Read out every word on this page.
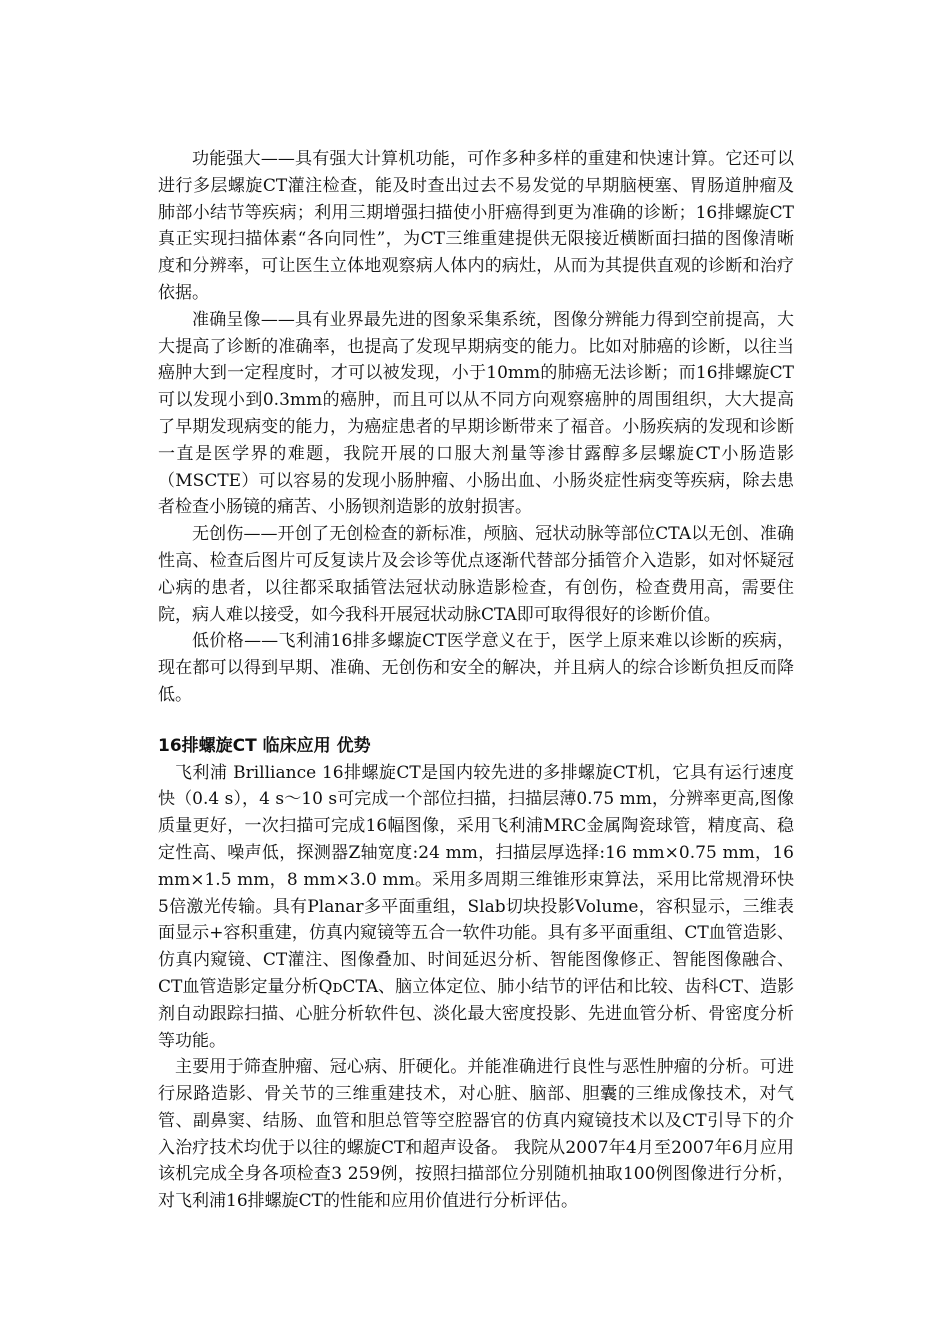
功能强大——具有强大计算机功能，可作多种多样的重建和快速计算。它还可以进行多层螺旋CT灌注检查，能及时查出过去不易发觉的早期脑梗塞、胃肠道肿瘤及肺部小结节等疾病；利用三期增强扫描使小肝癌得到更为准确的诊断；16排螺旋CT真正实现扫描体素“各向同性”，为CT三维重建提供无限接近横断面扫描的图像清晰度和分辨率，可让医生立体地观察病人体内的病灶，从而为其提供直观的诊断和治疗依据。

准确呈像——具有业界最先进的图象采集系统，图像分辨能力得到空前提高，大大提高了诊断的准确率，也提高了发现早期病变的能力。比如对肺癌的诊断，以往当癌肿大到一定程度时，才可以被发现，小于10mm的肺癌无法诊断；而16排螺旋CT可以发现小到0.3mm的癌肿，而且可以从不同方向观察癌肿的周围组织，大大提高了早期发现病变的能力，为癌症患者的早期诊断带来了福音。小肠疾病的发现和诊断一直是医学界的难题，我院开展的口服大剂量等渗甘露醇多层螺旋CT小肠造影（MSCTE）可以容易的发现小肠肿瘤、小肠出血、小肠炎症性病变等疾病，除去患者检查小肠镜的痛苦、小肠钡剂造影的放射损害。

无创伤——开创了无创检查的新标准，颅脑、冠状动脉等部位CTA以无创、准确性高、检查后图片可反复读片及会诊等优点逐渐代替部分插管介入造影，如对怀疑冠心病的患者，以往都采取插管法冠状动脉造影检查，有创伤，检查费用高，需要住院，病人难以接受，如今我科开展冠状动脉CTA即可取得很好的诊断价值。

低价格——飞利浦16排多螺旋CT医学意义在于，医学上原来难以诊断的疾病，现在都可以得到早期、准确、无创伤和安全的解决，并且病人的综合诊断负担反而降低。

16排螺旋CT 临床应用 优势

飞利浦 Brilliance 16排螺旋CT是国内较先进的多排螺旋CT机，它具有运行速度快（0.4 s），4 s～10 s可完成一个部位扫描，扫描层薄0.75 mm，分辨率更高,图像质量更好，一次扫描可完成16幅图像，采用飞利浦MRC金属陶瓷球管，精度高、稳定性高、噪声低，探测器Z轴宽度:24 mm，扫描层厚选择:16 mm×0.75 mm，16 mm×1.5 mm，8 mm×3.0 mm。采用多周期三维锥形束算法，采用比常规滑环快5倍激光传输。具有Planar多平面重组，Slab切块投影Volume，容积显示，三维表面显示+容积重建，仿真内窥镜等五合一软件功能。具有多平面重组、CT血管造影、仿真内窥镜、CT灌注、图像叠加、时间延迟分析、智能图像修正、智能图像融合、CT血管造影定量分析QᴅCTA、脑立体定位、肺小结节的评估和比较、齿科CT、造影剂自动跟踪扫描、心脏分析软件包、淡化最大密度投影、先进血管分析、骨密度分析等功能。

主要用于筛查肿瘤、冠心病、肝硬化。并能准确进行良性与恶性肿瘤的分析。可进行尿路造影、骨关节的三维重建技术，对心脏、脑部、胆囊的三维成像技术，对气管、副鼻窦、结肠、血管和胆总管等空腔器官的仿真内窥镜技术以及CT引导下的介入治疗技术均优于以往的螺旋CT和超声设备。 我院从2007年4月至2007年6月应用该机完成全身各项检查3 259例，按照扫描部位分别随机抽取100例图像进行分析，对飞利浦16排螺旋CT的性能和应用价值进行分析评估。
